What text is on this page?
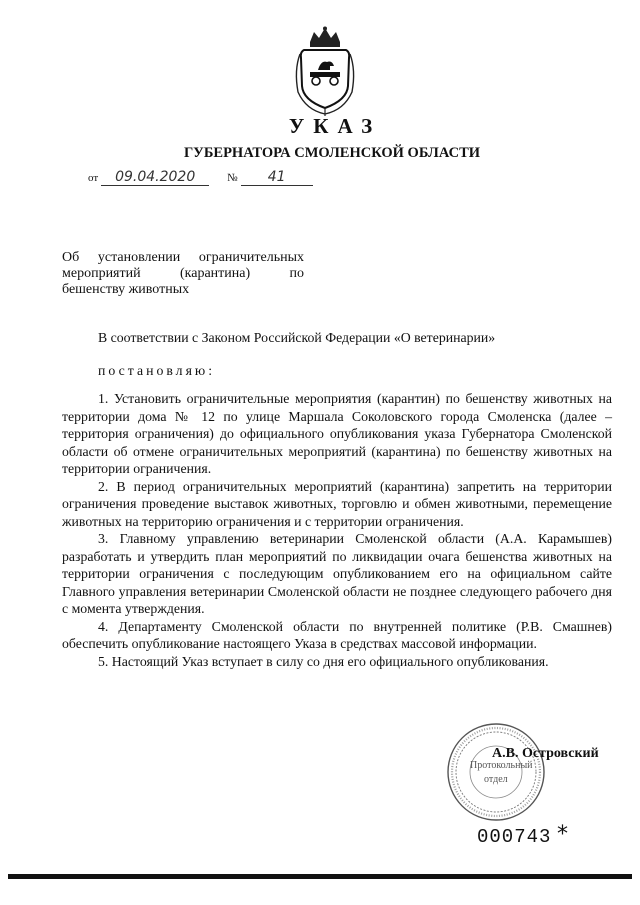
УКАЗ
ГУБЕРНАТОРА СМОЛЕНСКОЙ ОБЛАСТИ
от 09.04.2020	№ 41
Об установлении ограничительных
мероприятий (карантина) по
бешенству животных
В соответствии с Законом Российской Федерации «О ветеринарии»
постановляю:

1. Установить ограничительные мероприятия (карантин) по бешенству животных на территории дома № 12 по улице Маршала Соколовского города Смоленска (далее – территория ограничения) до официального опубликования указа Губернатора Смоленской области об отмене ограничительных мероприятий (карантина) по бешенству животных на территории ограничения.

2. В период ограничительных мероприятий (карантина) запретить на территории ограничения проведение выставок животных, торговлю и обмен животными, перемещение животных на территорию ограничения и с территории ограничения.

3. Главному управлению ветеринарии Смоленской области (А.А. Карамышев) разработать и утвердить план мероприятий по ликвидации очага бешенства животных на территории ограничения с последующим опубликованием его на официальном сайте Главного управления ветеринарии Смоленской области не позднее следующего рабочего дня с момента утверждения.

4. Департаменту Смоленской области по внутренней политике (Р.В. Смашнев) обеспечить опубликование настоящего Указа в средствах массовой информации.

5. Настоящий Указ вступает в силу со дня его официального опубликования.

Протокольный
отдел
А.В. Островский
000743 *
